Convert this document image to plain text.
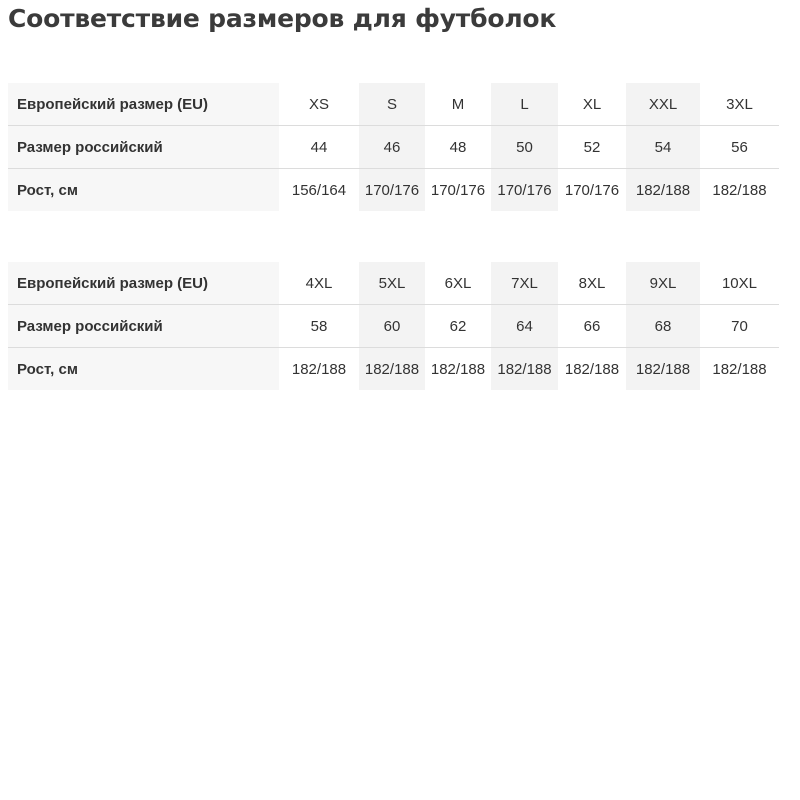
Соответствие размеров для футболок
Европейский размер (EU)	XS	S	M	L	XL	XXL	3XL
Размер российский	44	46	48	50	52	54	56
Рост, см	156/164	170/176	170/176	170/176	170/176	182/188	182/188
Европейский размер (EU)	4XL	5XL	6XL	7XL	8XL	9XL	10XL
Размер российский	58	60	62	64	66	68	70
Рост, см	182/188	182/188	182/188	182/188	182/188	182/188	182/188
